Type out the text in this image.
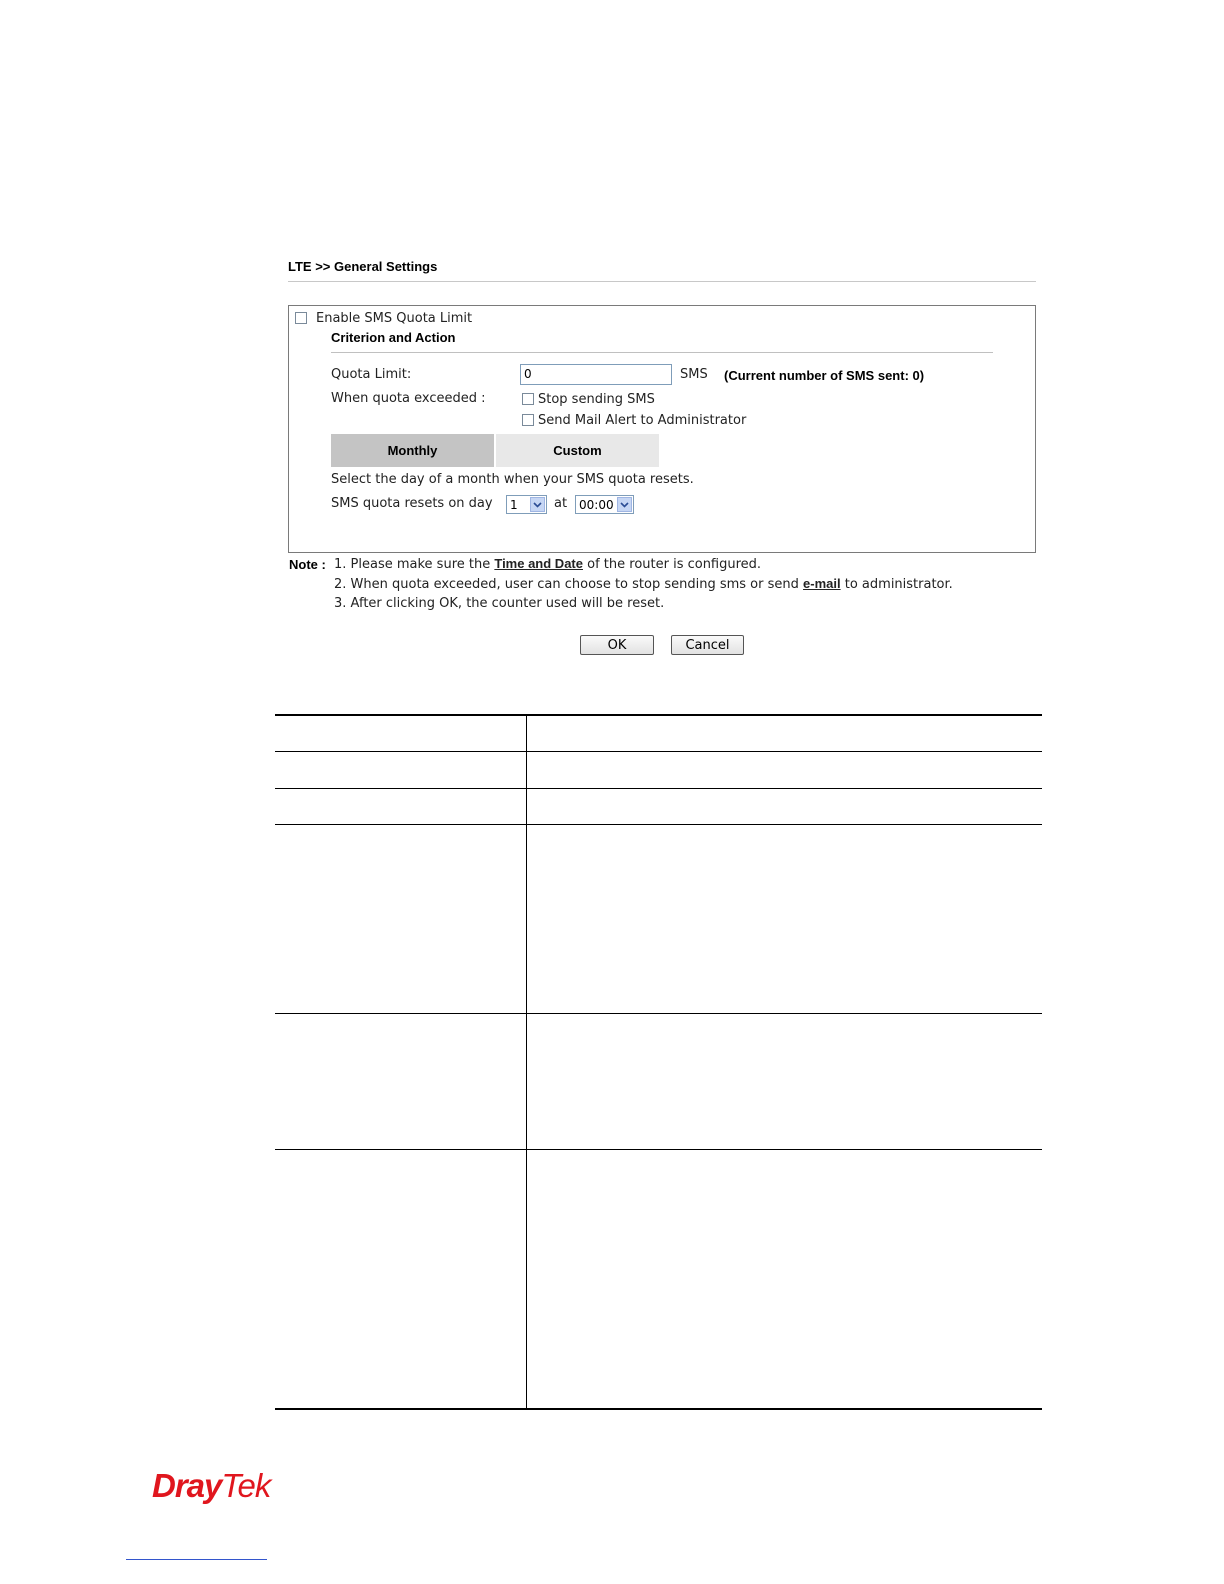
LTE >> General Settings
Enable SMS Quota Limit
Criterion and Action
Quota Limit:	0	SMS (Current number of SMS sent: 0)
When quota exceeded :	Stop sending SMS
Send Mail Alert to Administrator
Monthly	Custom
Select the day of a month when your SMS quota resets.
SMS quota resets on day 1	at 00:00
Note : 1. Please make sure the Time and Date of the router is configured.
2. When quota exceeded, user can choose to stop sending sms or send e-mail to administrator.
3. After clicking OK, the counter used will be reset.
OK	Cancel
DrayTek
